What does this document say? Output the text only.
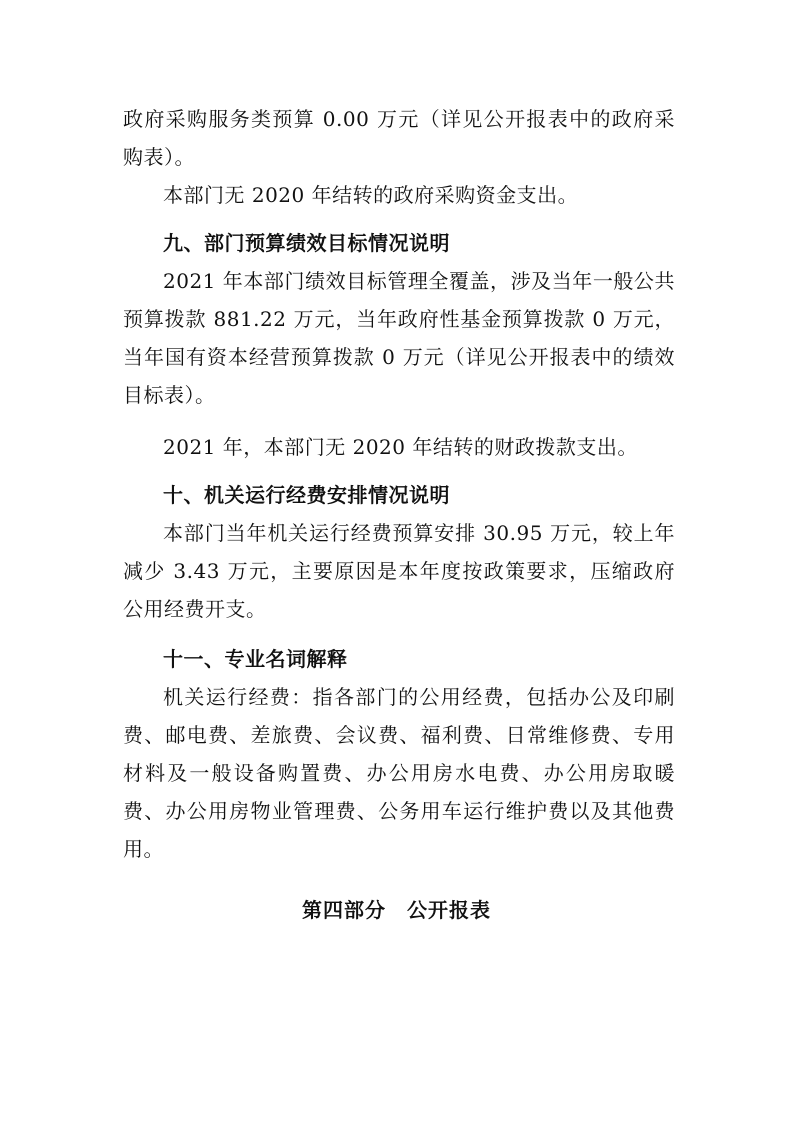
政府采购服务类预算 0.00 万元（详见公开报表中的政府采购表）。

本部门无 2020 年结转的政府采购资金支出。

九、部门预算绩效目标情况说明

2021 年本部门绩效目标管理全覆盖，涉及当年一般公共预算拨款 881.22 万元，当年政府性基金预算拨款 0 万元，当年国有资本经营预算拨款 0 万元（详见公开报表中的绩效目标表）。

2021 年，本部门无 2020 年结转的财政拨款支出。

十、机关运行经费安排情况说明

本部门当年机关运行经费预算安排 30.95 万元，较上年减少 3.43 万元，主要原因是本年度按政策要求，压缩政府公用经费开支。

十一、专业名词解释

机关运行经费：指各部门的公用经费，包括办公及印刷费、邮电费、差旅费、会议费、福利费、日常维修费、专用材料及一般设备购置费、办公用房水电费、办公用房取暖费、办公用房物业管理费、公务用车运行维护费以及其他费用。

第四部分　公开报表
